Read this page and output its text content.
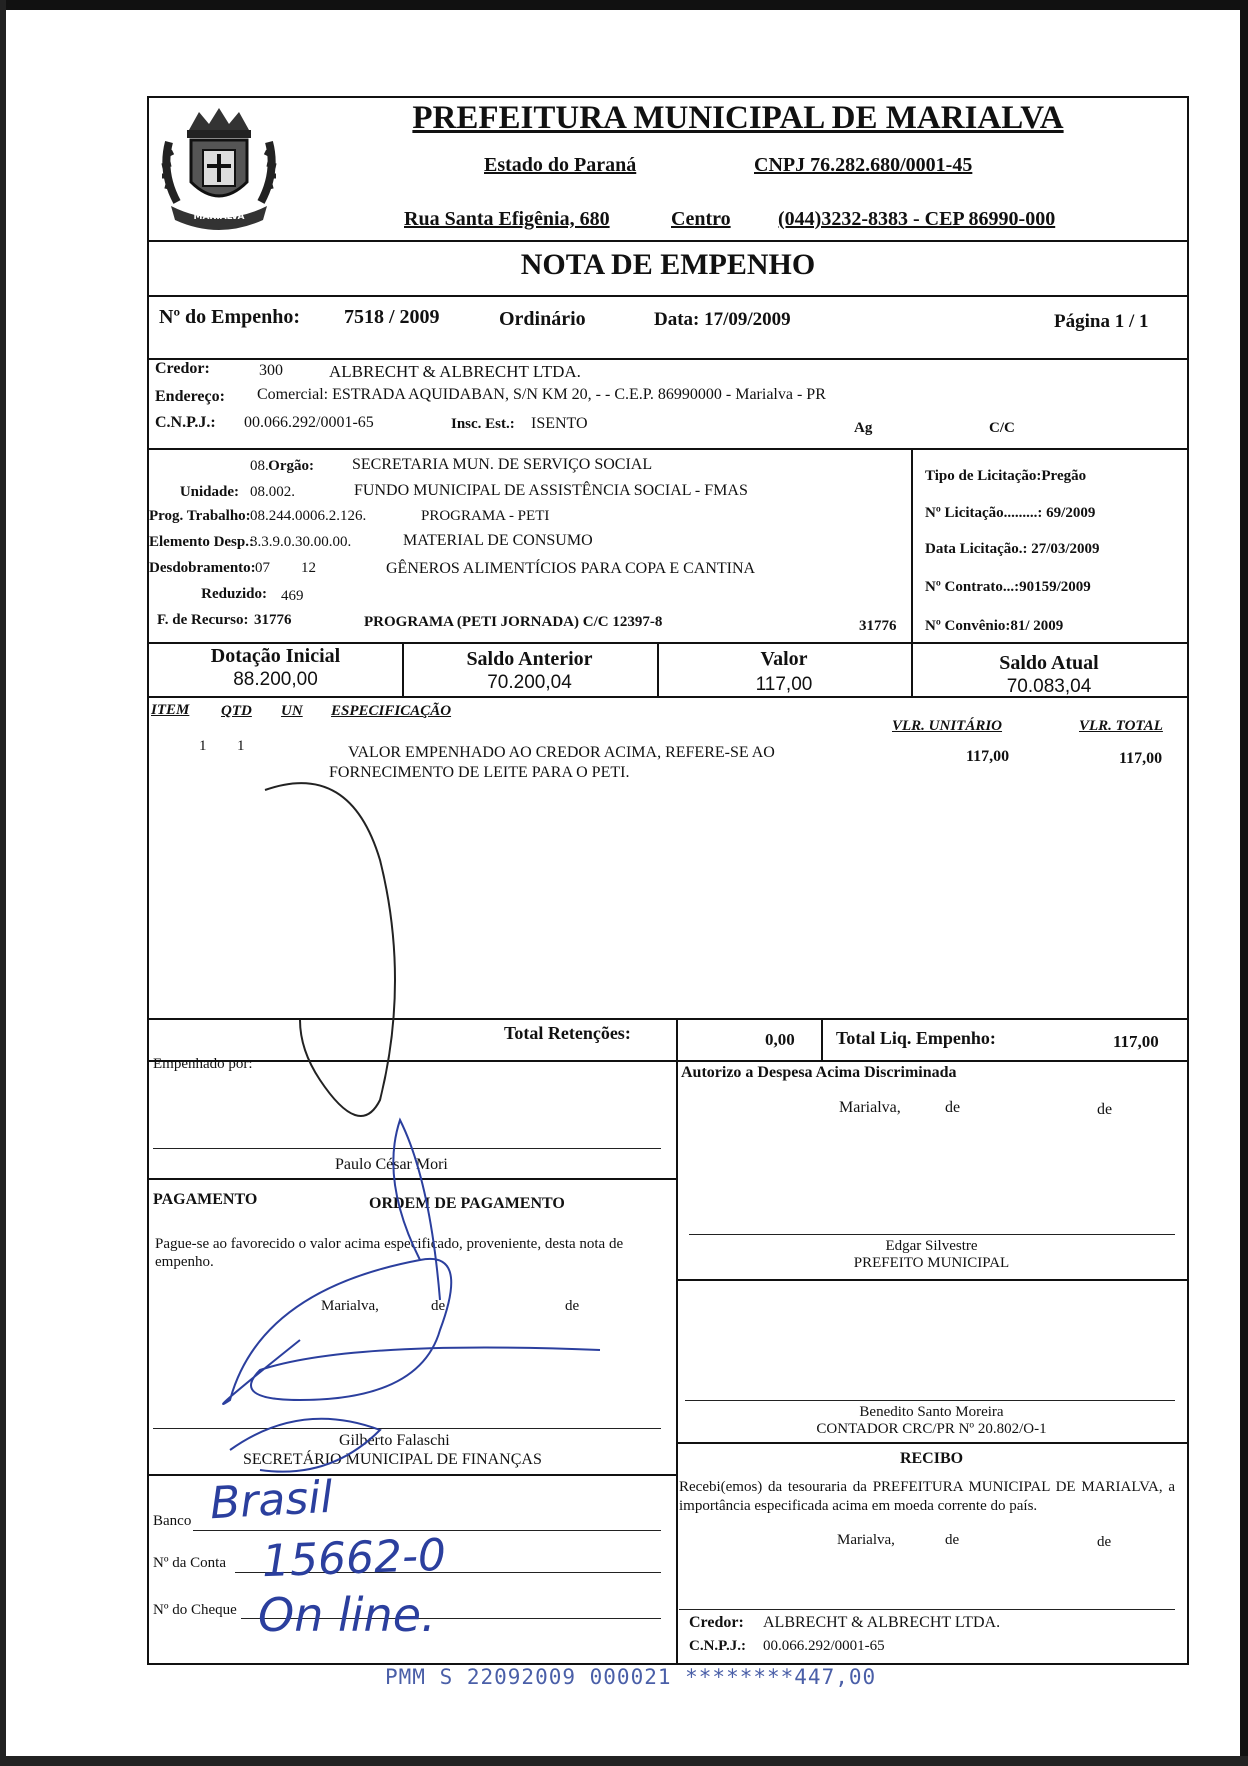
MARIALVA
PREFEITURA MUNICIPAL DE MARIALVA
Estado do Paraná	CNPJ 76.282.680/0001-45
Rua Santa Efigênia, 680	Centro (044)3232-8383 - CEP 86990-000
NOTA DE EMPENHO
Nº do Empenho: 7518 / 2009	Ordinário	Data: 17/09/2009	Página 1 / 1
Credor:	300	ALBRECHT & ALBRECHT LTDA.
Endereço: Comercial: ESTRADA AQUIDABAN, S/N KM 20, - - C.E.P. 86990000 - Marialva - PR
C.N.P.J.: 00.066.292/0001-65	Insc. Est.: ISENTO	Ag	C/C
Orgão:
08.	SECRETARIA MUN. DE SERVIÇO SOCIAL
Unidade: 08.002.	FUNDO MUNICIPAL DE ASSISTÊNCIA SOCIAL - FMAS
Prog. Trabalho: 08.244.0006.2.126.	PROGRAMA - PETI
Elemento Desp.:
3.3.9.0.30.00.00.	MATERIAL DE CONSUMO
Desdobramento: 07 12	GÊNEROS ALIMENTÍCIOS PARA COPA E CANTINA
Reduzido: 469
F. de Recurso: 31776	PROGRAMA (PETI JORNADA) C/C 12397-8	31776
Tipo de Licitação:Pregão
Nº Licitação.........: 69/2009
Data Licitação.: 27/03/2009
Nº Contrato...:90159/2009
Nº Convênio:81/ 2009
Dotação Inicial
88.200,00
Saldo Anterior
70.200,04
Valor
117,00
Saldo Atual
70.083,04
ITEM QTD UN ESPECIFICAÇÃO
VLR. UNITÁRIO	VLR. TOTAL
1 1	VALOR EMPENHADO AO CREDOR ACIMA, REFERE-SE AO
FORNECIMENTO DE LEITE PARA O PETI.
117,00	117,00
Total Retenções:	0,00 Total Liq. Empenho:	117,00
Empenhado por:
Paulo César Mori
Autorizo a Despesa Acima Discriminada
Marialva,	de	de
PAGAMENTO	ORDEM DE PAGAMENTO
Pague-se ao favorecido o valor acima especificado, proveniente, desta nota de empenho.
Marialva,	de	de
Gilberto Falaschi
SECRETÁRIO MUNICIPAL DE FINANÇAS
Banco
Nº da Conta
Nº do Cheque
Edgar Silvestre
PREFEITO MUNICIPAL
Benedito Santo Moreira
CONTADOR CRC/PR Nº 20.802/O-1
RECIBO
Recebi(emos) da tesouraria da PREFEITURA MUNICIPAL DE MARIALVA, a importância especificada acima em moeda corrente do país.
Marialva,	de	de
Credor: ALBRECHT & ALBRECHT LTDA.
C.N.P.J.: 00.066.292/0001-65
Brasil
15662-0
On line.
PMM S 22092009 000021 ********447,00
